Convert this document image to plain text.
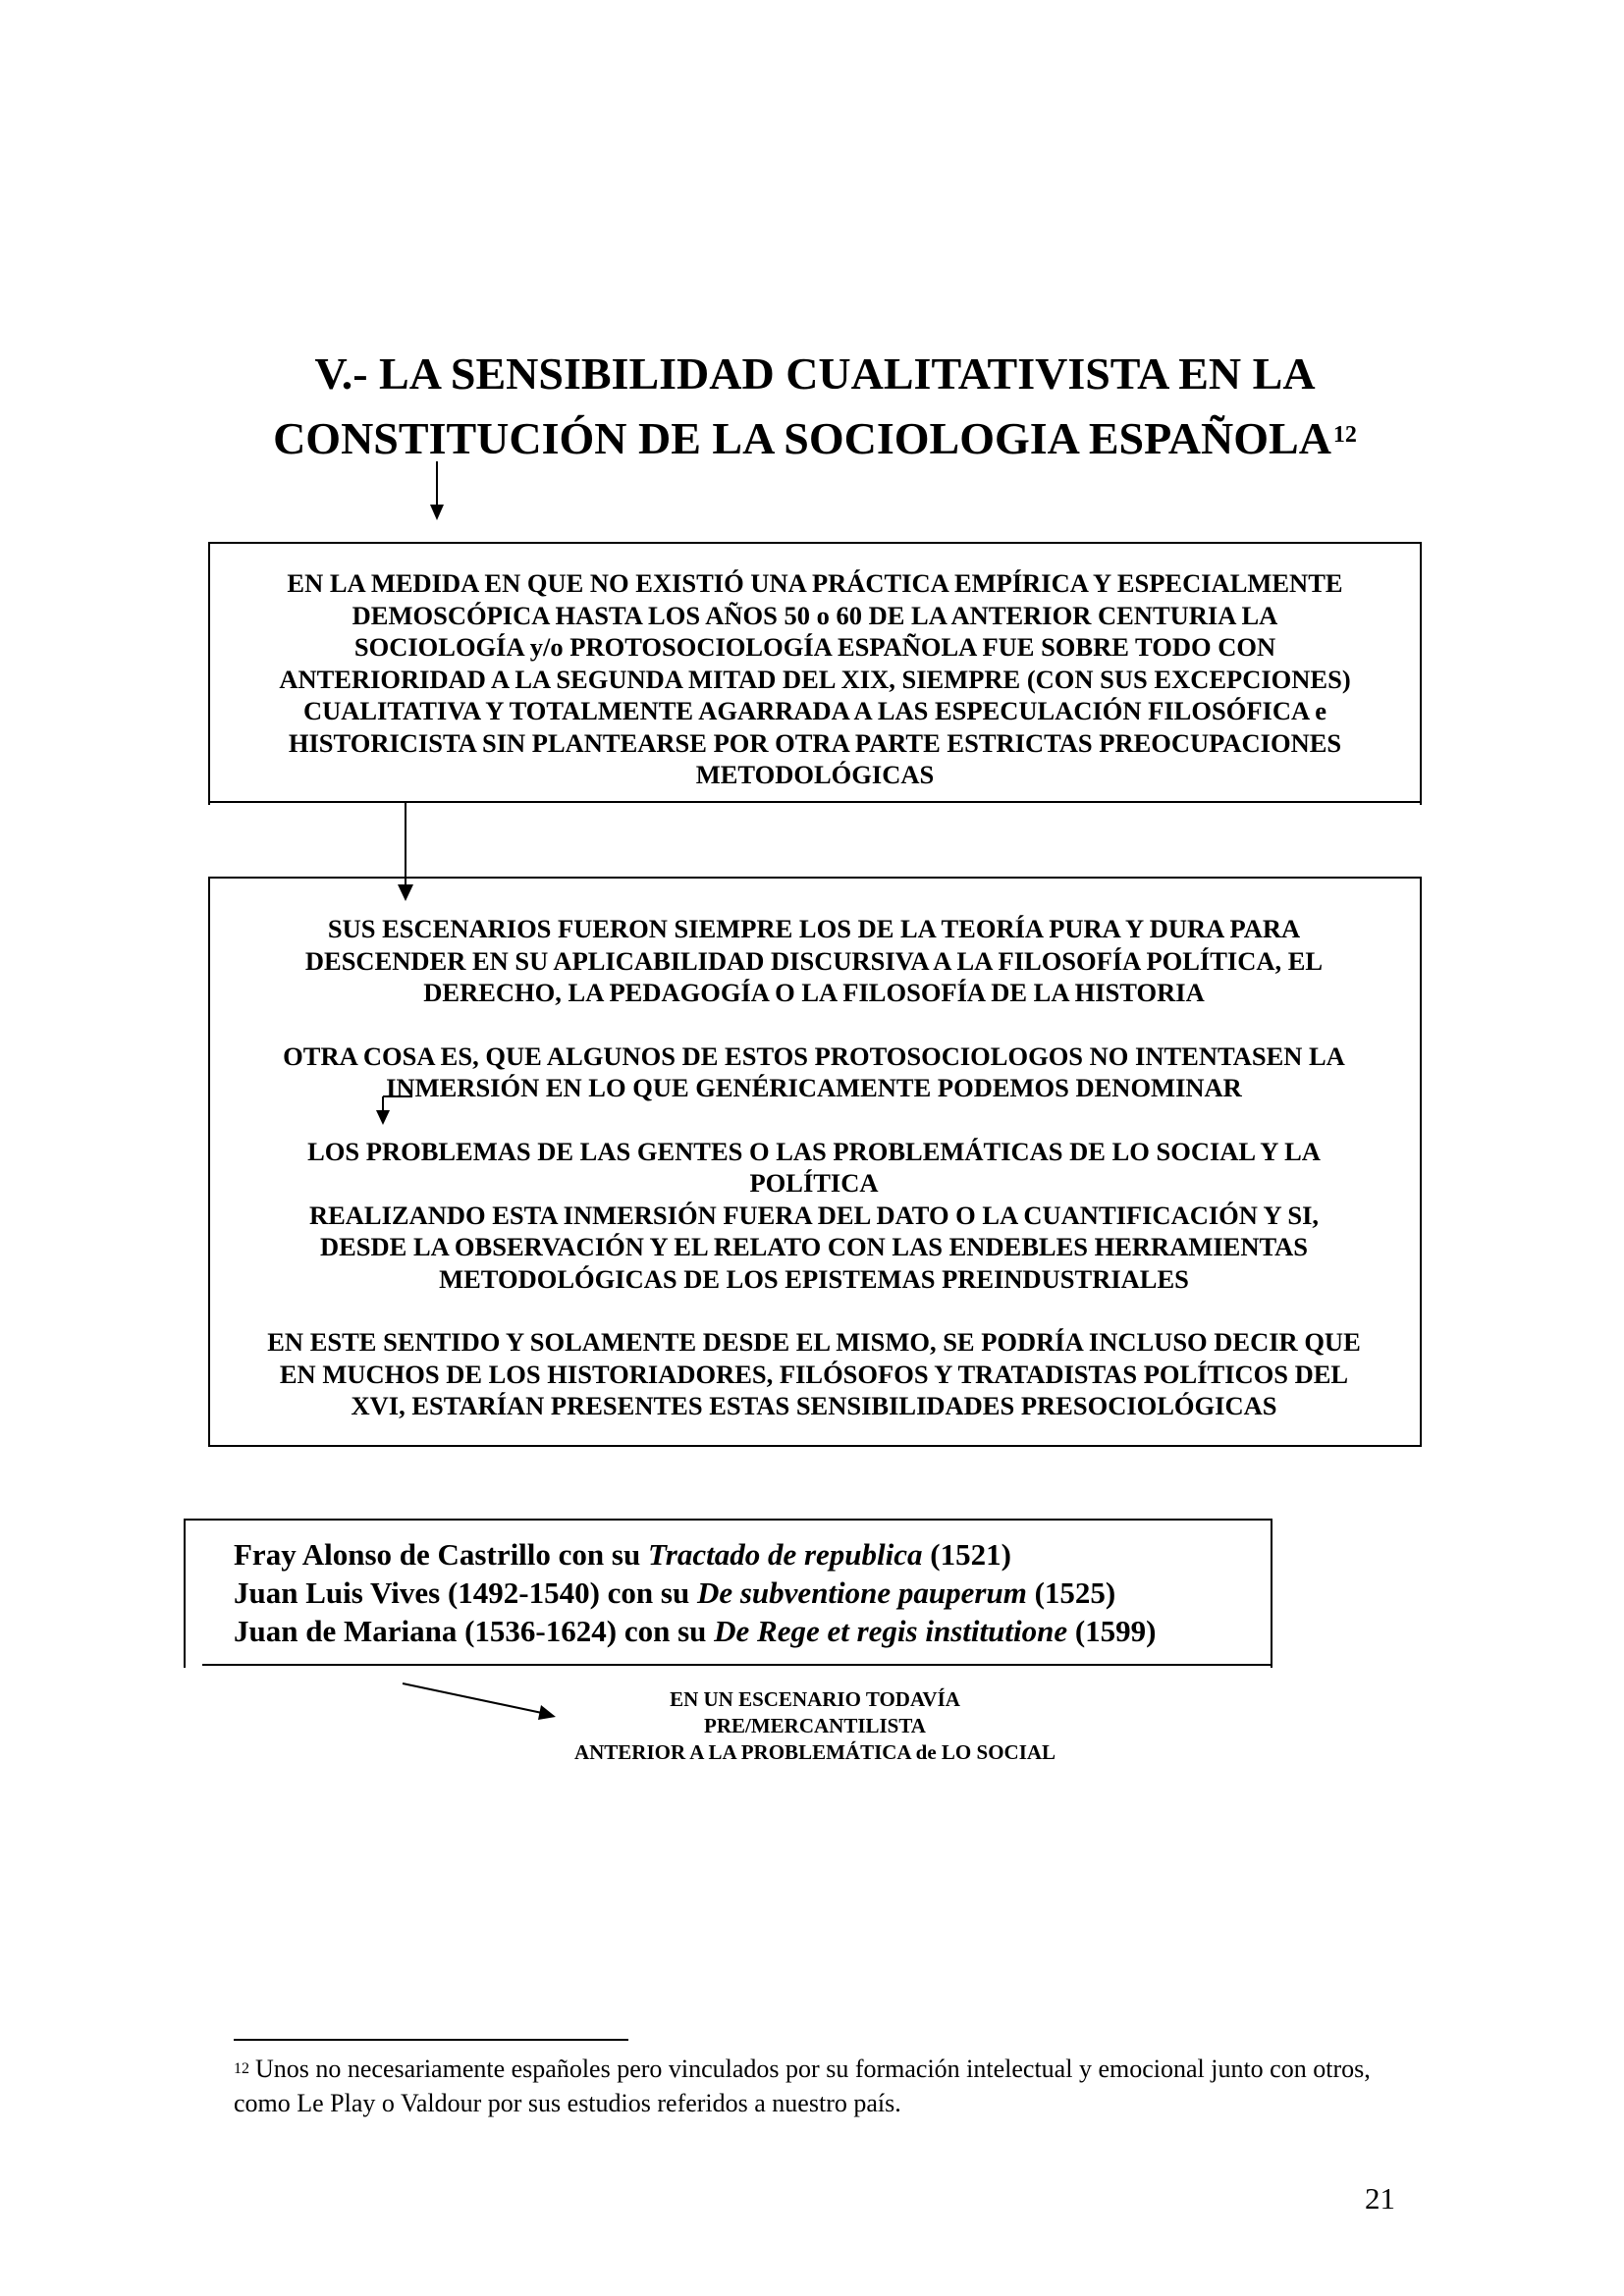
V.- LA SENSIBILIDAD CUALITATIVISTA EN LA
CONSTITUCIÓN DE LA SOCIOLOGIA ESPAÑOLA$^{12}$
EN LA MEDIDA EN QUE NO EXISTIÓ UNA PRÁCTICA EMPÍRICA Y ESPECIALMENTE
DEMOSCÓPICA HASTA LOS AÑOS 50 o 60 DE LA ANTERIOR CENTURIA LA
SOCIOLOGÍA y/o PROTOSOCIOLOGÍA ESPAÑOLA FUE SOBRE TODO CON
ANTERIORIDAD A LA SEGUNDA MITAD DEL XIX, SIEMPRE (CON SUS EXCEPCIONES)
CUALITATIVA Y TOTALMENTE AGARRADA A LAS ESPECULACIÓN FILOSÓFICA e
HISTORICISTA SIN PLANTEARSE POR OTRA PARTE ESTRICTAS PREOCUPACIONES
METODOLÓGICAS

SUS ESCENARIOS FUERON SIEMPRE LOS DE LA TEORÍA PURA Y DURA PARA
DESCENDER EN SU APLICABILIDAD DISCURSIVA A LA FILOSOFÍA POLÍTICA, EL
DERECHO, LA PEDAGOGÍA O LA FILOSOFÍA DE LA HISTORIA

OTRA COSA ES, QUE ALGUNOS DE ESTOS PROTOSOCIOLOGOS NO INTENTASEN LA
INMERSIÓN EN LO QUE GENÉRICAMENTE PODEMOS DENOMINAR

LOS PROBLEMAS DE LAS GENTES O LAS PROBLEMÁTICAS DE LO SOCIAL Y LA
POLÍTICA
REALIZANDO ESTA INMERSIÓN FUERA DEL DATO O LA CUANTIFICACIÓN Y SI,
DESDE LA OBSERVACIÓN Y EL RELATO CON LAS ENDEBLES HERRAMIENTAS
METODOLÓGICAS DE LOS EPISTEMAS PREINDUSTRIALES

EN ESTE SENTIDO Y SOLAMENTE DESDE EL MISMO, SE PODRÍA INCLUSO DECIR QUE
EN MUCHOS DE LOS HISTORIADORES, FILÓSOFOS Y TRATADISTAS POLÍTICOS DEL
XVI, ESTARÍAN PRESENTES ESTAS SENSIBILIDADES PRESOCIOLÓGICAS

Fray Alonso de Castrillo con su Tractado de republica (1521)
Juan Luis Vives (1492-1540) con su De subventione pauperum (1525)
Juan de Mariana (1536-1624) con su De Rege et regis institutione (1599)
EN UN ESCENARIO TODAVÍA
PRE/MERCANTILISTA
ANTERIOR A LA PROBLEMÁTICA de LO SOCIAL
$^{12}$ Unos no necesariamente españoles pero vinculados por su formación intelectual y emocional junto con otros, como Le Play o Valdour por sus estudios referidos a nuestro país.
21
